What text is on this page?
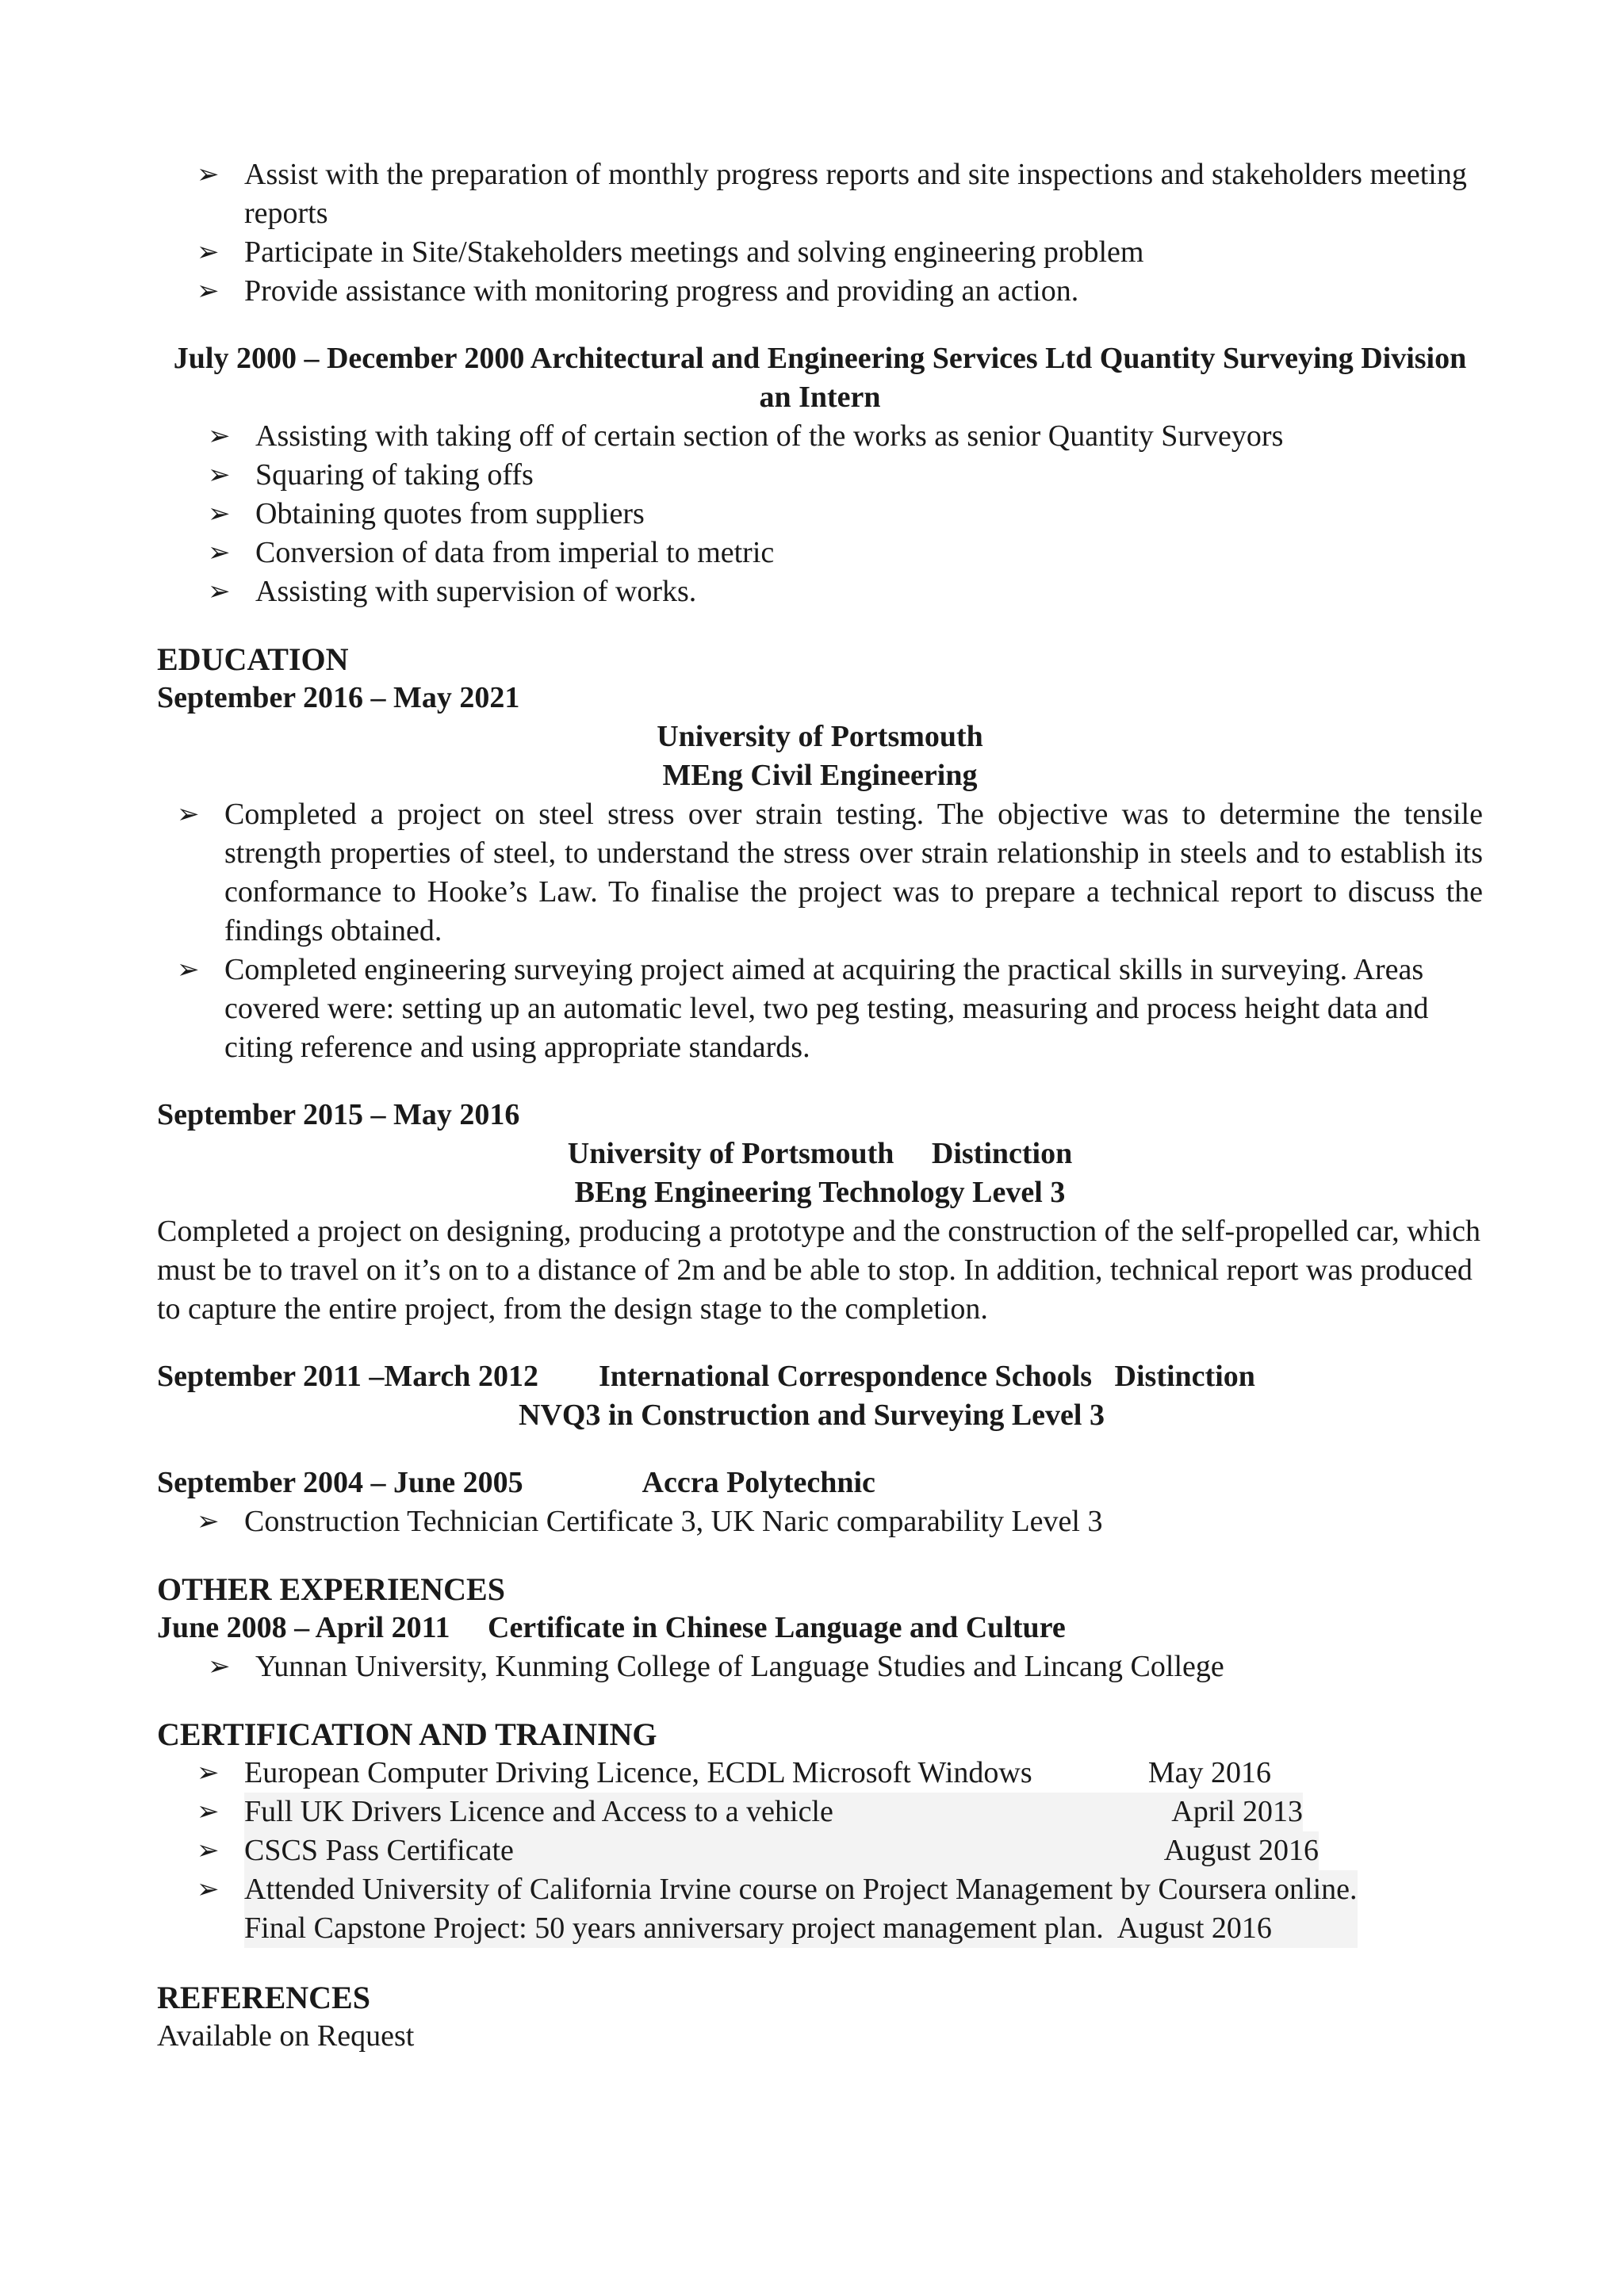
➢ Assist with the preparation of monthly progress reports and site inspections and stakeholders meeting reports
➢ Participate in Site/Stakeholders meetings and solving engineering problem
➢ Provide assistance with monitoring progress and providing an action.
July 2000 – December 2000 Architectural and Engineering Services Ltd Quantity Surveying Division
an Intern
➢ Assisting with taking off of certain section of the works as senior Quantity Surveyors
➢ Squaring of taking offs
➢ Obtaining quotes from suppliers
➢ Conversion of data from imperial to metric
➢ Assisting with supervision of works.
EDUCATION
September 2016 – May 2021
University of Portsmouth
MEng Civil Engineering
➢ Completed a project on steel stress over strain testing. The objective was to determine the tensile strength properties of steel, to understand the stress over strain relationship in steels and to establish its conformance to Hooke’s Law. To finalise the project was to prepare a technical report to discuss the findings obtained.
➢ Completed engineering surveying project aimed at acquiring the practical skills in surveying. Areas covered were: setting up an automatic level, two peg testing, measuring and process height data and citing reference and using appropriate standards.
September 2015 – May 2016
University of Portsmouth Distinction
BEng Engineering Technology Level 3
Completed a project on designing, producing a prototype and the construction of the self-propelled car, which must be to travel on it’s on to a distance of 2m and be able to stop. In addition, technical report was produced to capture the entire project, from the design stage to the completion.
September 2011 –March 2012 International Correspondence Schools Distinction
NVQ3 in Construction and Surveying Level 3
September 2004 – June 2005	Accra Polytechnic
➢ Construction Technician Certificate 3, UK Naric comparability Level 3
OTHER EXPERIENCES
June 2008 – April 2011 Certificate in Chinese Language and Culture
➢ Yunnan University, Kunming College of Language Studies and Lincang College
CERTIFICATION AND TRAINING
➢ European Computer Driving Licence, ECDL Microsoft Windows	May 2016
➢ Full UK Drivers Licence and Access to a vehicle	April 2013
➢ CSCS Pass Certificate	August 2016
➢ Attended University of California Irvine course on Project Management by Coursera online.
Final Capstone Project: 50 years anniversary project management plan.  August 2016
REFERENCES
Available on Request
